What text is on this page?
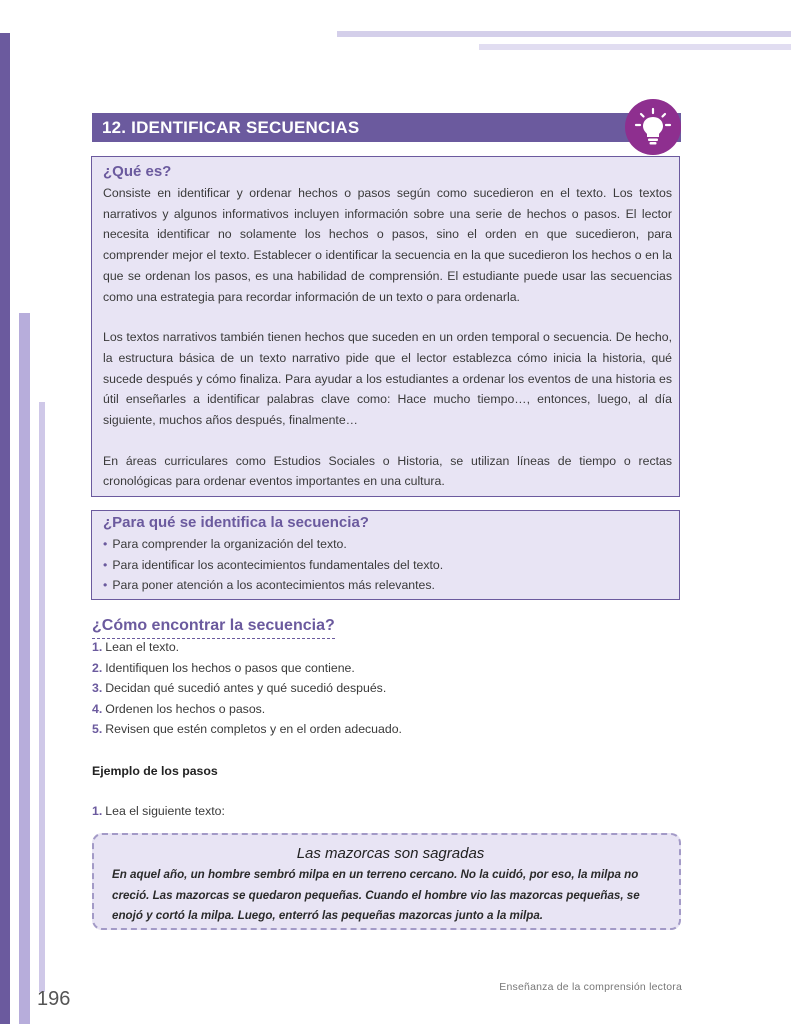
12. IDENTIFICAR SECUENCIAS
¿Qué es?

Consiste en identificar y ordenar hechos o pasos según como sucedieron en el texto. Los textos narrativos y algunos informativos incluyen información sobre una serie de hechos o pasos. El lector necesita identificar no solamente los hechos o pasos, sino el orden en que sucedieron, para comprender mejor el texto. Establecer o identificar la secuencia en la que sucedieron los hechos o en la que se ordenan los pasos, es una habilidad de comprensión. El estudiante puede usar las secuencias como una estrategia para recordar información de un texto o para ordenarla.

Los textos narrativos también tienen hechos que suceden en un orden temporal o secuencia. De hecho, la estructura básica de un texto narrativo pide que el lector establezca cómo inicia la historia, qué sucede después y cómo finaliza. Para ayudar a los estudiantes a ordenar los eventos de una historia es útil enseñarles a identificar palabras clave como: Hace mucho tiempo…, entonces, luego, al día siguiente, muchos años después, finalmente…

En áreas curriculares como Estudios Sociales o Historia, se utilizan líneas de tiempo o rectas cronológicas para ordenar eventos importantes en una cultura.

¿Para qué se identifica la secuencia?
• Para comprender la organización del texto.
• Para identificar los acontecimientos fundamentales del texto.
• Para poner atención a los acontecimientos más relevantes.
¿Cómo encontrar la secuencia?
1. Lean el texto.
2. Identifiquen los hechos o pasos que contiene.
3. Decidan qué sucedió antes y qué sucedió después.
4. Ordenen los hechos o pasos.
5. Revisen que estén completos y en el orden adecuado.
Ejemplo de los pasos
1. Lea el siguiente texto:
Las mazorcas son sagradas
En aquel año, un hombre sembró milpa en un terreno cercano. No la cuidó, por eso, la milpa no creció. Las mazorcas se quedaron pequeñas. Cuando el hombre vio las mazorcas pequeñas, se enojó y cortó la milpa. Luego, enterró las pequeñas mazorcas junto a la milpa.
Enseñanza de la comprensión lectora
196
